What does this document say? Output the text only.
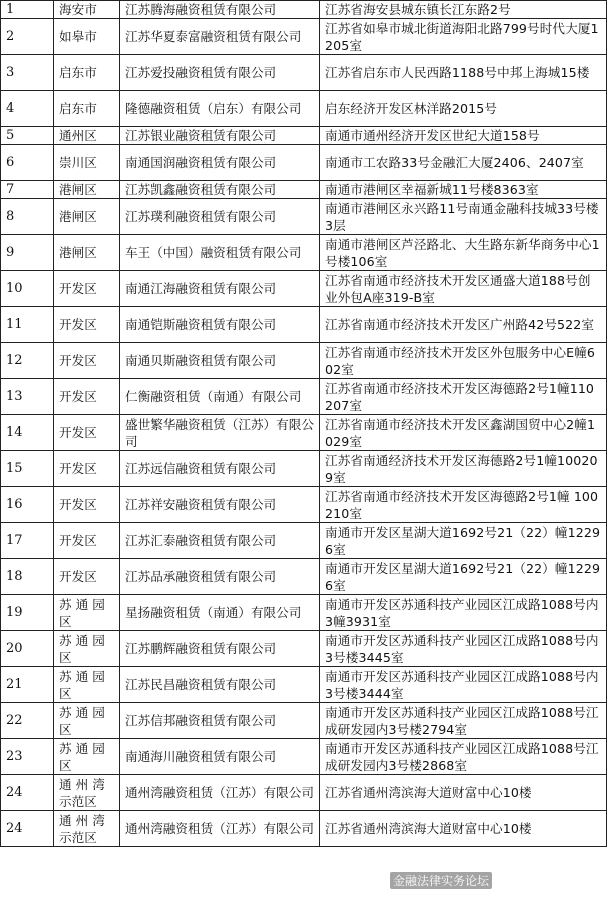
1	海安市	江苏腾海融资租赁有限公司	江苏省海安县城东镇长江东路2号
2	如皋市	江苏华夏泰富融资租赁有限公司	江苏省如皋市城北街道海阳北路799号时代大厦1205室
3	启东市	江苏爱投融资租赁有限公司	江苏省启东市人民西路1188号中邦上海城15楼
4	启东市	隆德融资租赁（启东）有限公司	启东经济开发区林洋路2015号
5	通州区	江苏银业融资租赁有限公司	南通市通州经济开发区世纪大道158号
6	崇川区	南通国润融资租赁有限公司	南通市工农路33号金融汇大厦2406、2407室
7	港闸区	江苏凯鑫融资租赁有限公司	南通市港闸区幸福新城11号楼8363室
8	港闸区	江苏璞利融资租赁有限公司	南通市港闸区永兴路11号南通金融科技城33号楼3层
9	港闸区	车王（中国）融资租赁有限公司	南通市港闸区芦泾路北、大生路东新华商务中心1号楼106室
10	开发区	南通江海融资租赁有限公司	江苏省南通市经济技术开发区通盛大道188号创业外包A座319-B室
11	开发区	南通铠斯融资租赁有限公司	江苏省南通市经济技术开发区广州路42号522室
12	开发区	南通贝斯融资租赁有限公司	江苏省南通市经济技术开发区外包服务中心E幢602室
13	开发区	仁衡融资租赁（南通）有限公司	江苏省南通市经济技术开发区海德路2号1幢110207室
14	开发区	盛世繁华融资租赁（江苏）有限公司	江苏省南通市经济技术开发区鑫湖国贸中心2幢1029室
15	开发区	江苏远信融资租赁有限公司	江苏省南通经济技术开发区海德路2号1幢100209室
16	开发区	江苏祥安融资租赁有限公司	江苏省南通市经济技术开发区海德路2号1幢 100210室
17	开发区	江苏汇泰融资租赁有限公司	南通市开发区星湖大道1692号21（22）幢12296室
18	开发区	江苏品承融资租赁有限公司	南通市开发区星湖大道1692号21（22）幢12296室
19	苏 通 园 区	星扬融资租赁（南通）有限公司	南通市开发区苏通科技产业园区江成路1088号内3幢3931室
20	苏 通 园 区	江苏鹏辉融资租赁有限公司	南通市开发区苏通科技产业园区江成路1088号内3号楼3445室
21	苏 通 园 区	江苏民昌融资租赁有限公司	南通市开发区苏通科技产业园区江成路1088号内3号楼3444室
22	苏 通 园 区	江苏信邦融资租赁有限公司	南通市开发区苏通科技产业园区江成路1088号江成研发园内3号楼2794室
23	苏 通 园 区	南通海川融资租赁有限公司	南通市开发区苏通科技产业园区江成路1088号江成研发园内3号楼2868室
24	通 州 湾 示范区	通州湾融资租赁（江苏）有限公司	江苏省通州湾滨海大道财富中心10楼
24	通 州 湾 示范区	通州湾融资租赁（江苏）有限公司	江苏省通州湾滨海大道财富中心10楼
金融法律实务论坛
